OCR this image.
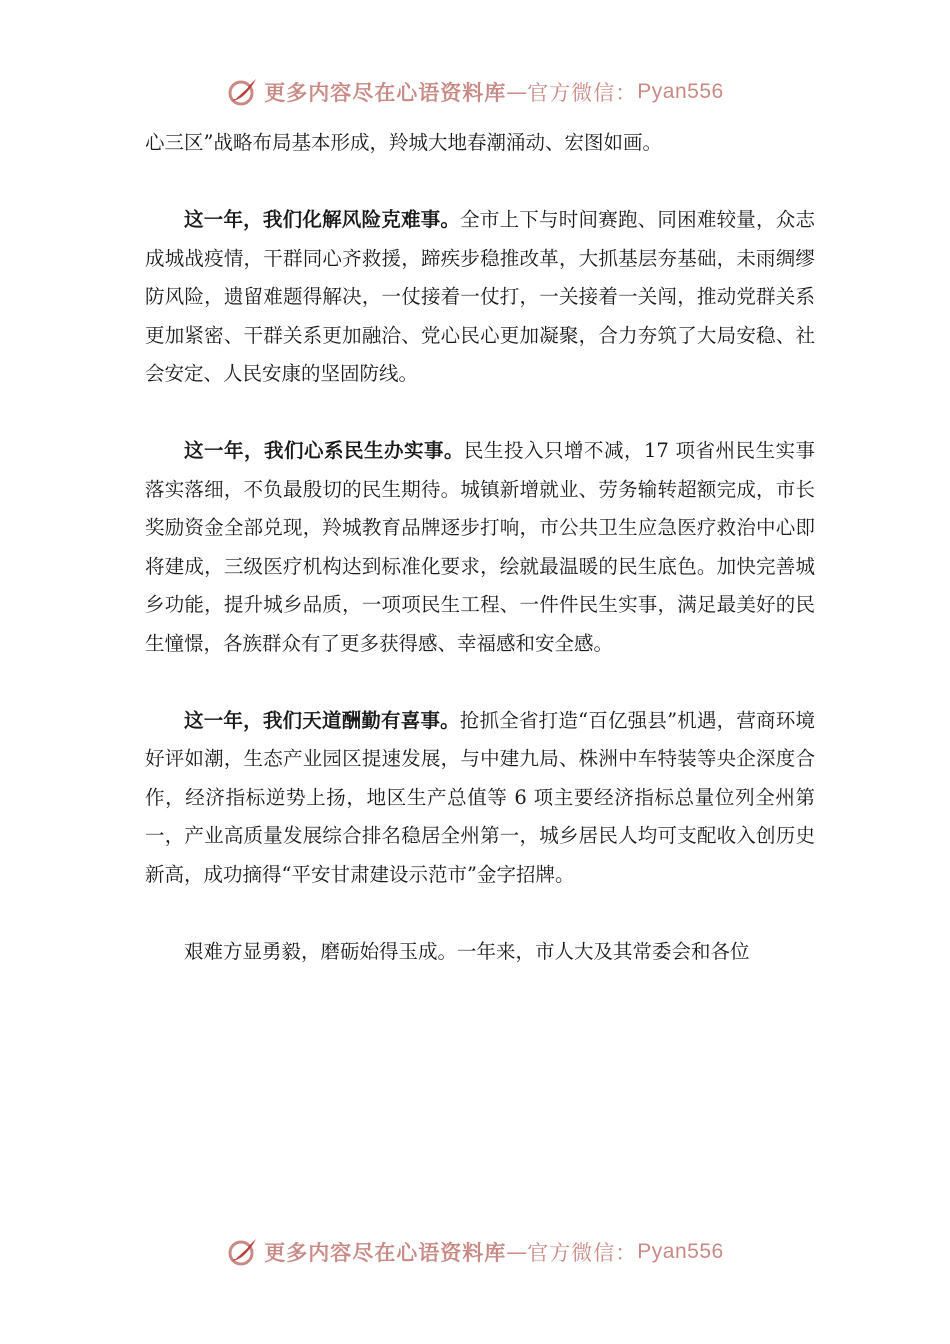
更多内容尽在心语资料库 — 官方微信： Pyan556

心三区”战略布局基本形成，羚城大地春潮涌动、宏图如画。

这一年，我们化解风险克难事。全市上下与时间赛跑、同困难较量，众志成城战疫情，干群同心齐救援，蹄疾步稳推改革，大抓基层夯基础，未雨绸缪防风险，遗留难题得解决，一仗接着一仗打，一关接着一关闯，推动党群关系更加紧密、干群关系更加融洽、党心民心更加凝聚，合力夯筑了大局安稳、社会安定、人民安康的坚固防线。

这一年，我们心系民生办实事。民生投入只增不减，17 项省州民生实事落实落细，不负最殷切的民生期待。城镇新增就业、劳务输转超额完成，市长奖励资金全部兑现，羚城教育品牌逐步打响，市公共卫生应急医疗救治中心即将建成，三级医疗机构达到标准化要求，绘就最温暖的民生底色。加快完善城乡功能，提升城乡品质，一项项民生工程、一件件民生实事，满足最美好的民生憧憬，各族群众有了更多获得感、幸福感和安全感。

这一年，我们天道酬勤有喜事。抢抓全省打造“百亿强县”机遇，营商环境好评如潮，生态产业园区提速发展，与中建九局、株洲中车特装等央企深度合作，经济指标逆势上扬，地区生产总值等 6 项主要经济指标总量位列全州第一，产业高质量发展综合排名稳居全州第一，城乡居民人均可支配收入创历史新高，成功摘得“平安甘肃建设示范市”金字招牌。

艰难方显勇毅，磨砺始得玉成。一年来，市人大及其常委会和各位

更多内容尽在心语资料库 — 官方微信： Pyan556
